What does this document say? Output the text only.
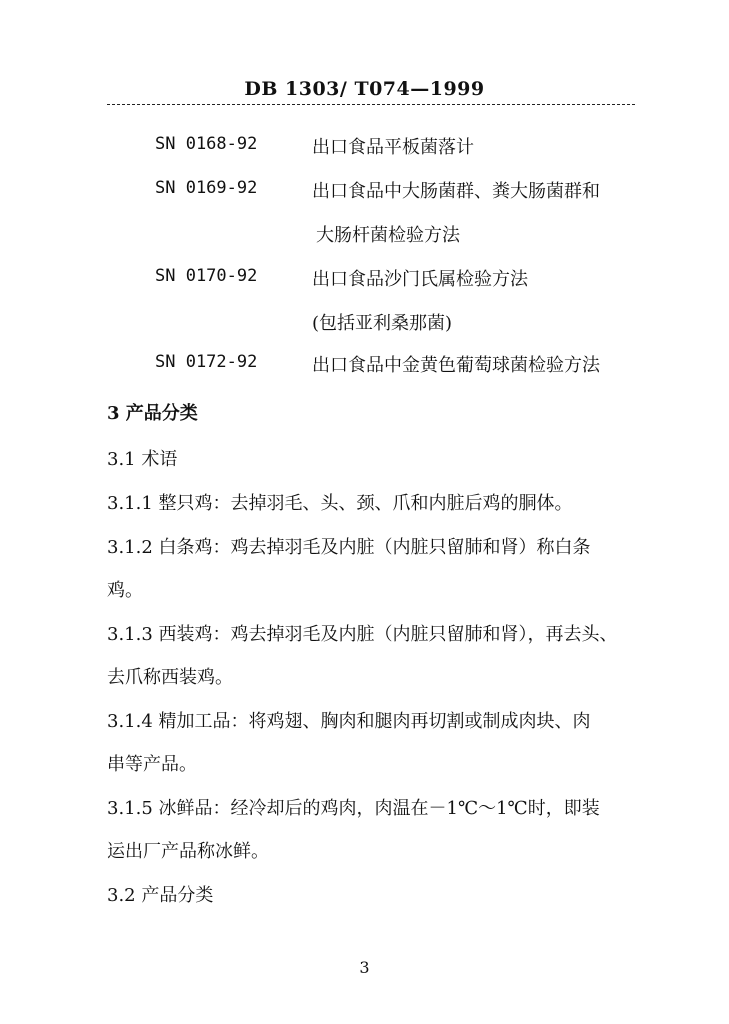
DB 1303/ T074—1999
SN 0168-92	出口食品平板菌落计
SN 0169-92	出口食品中大肠菌群、粪大肠菌群和
大肠杆菌检验方法
SN 0170-92	出口食品沙门氏属检验方法
(包括亚利桑那菌)
SN 0172-92	出口食品中金黄色葡萄球菌检验方法
3 产品分类
3.1 术语
3.1.1 整只鸡：去掉羽毛、头、颈、爪和内脏后鸡的胴体。
3.1.2 白条鸡：鸡去掉羽毛及内脏（内脏只留肺和肾）称白条
鸡。
3.1.3 西装鸡：鸡去掉羽毛及内脏（内脏只留肺和肾），再去头、
去爪称西装鸡。
3.1.4 精加工品：将鸡翅、胸肉和腿肉再切割或制成肉块、肉
串等产品。
3.1.5 冰鲜品：经冷却后的鸡肉，肉温在－1℃～1℃时，即装
运出厂产品称冰鲜。
3.2 产品分类
3
